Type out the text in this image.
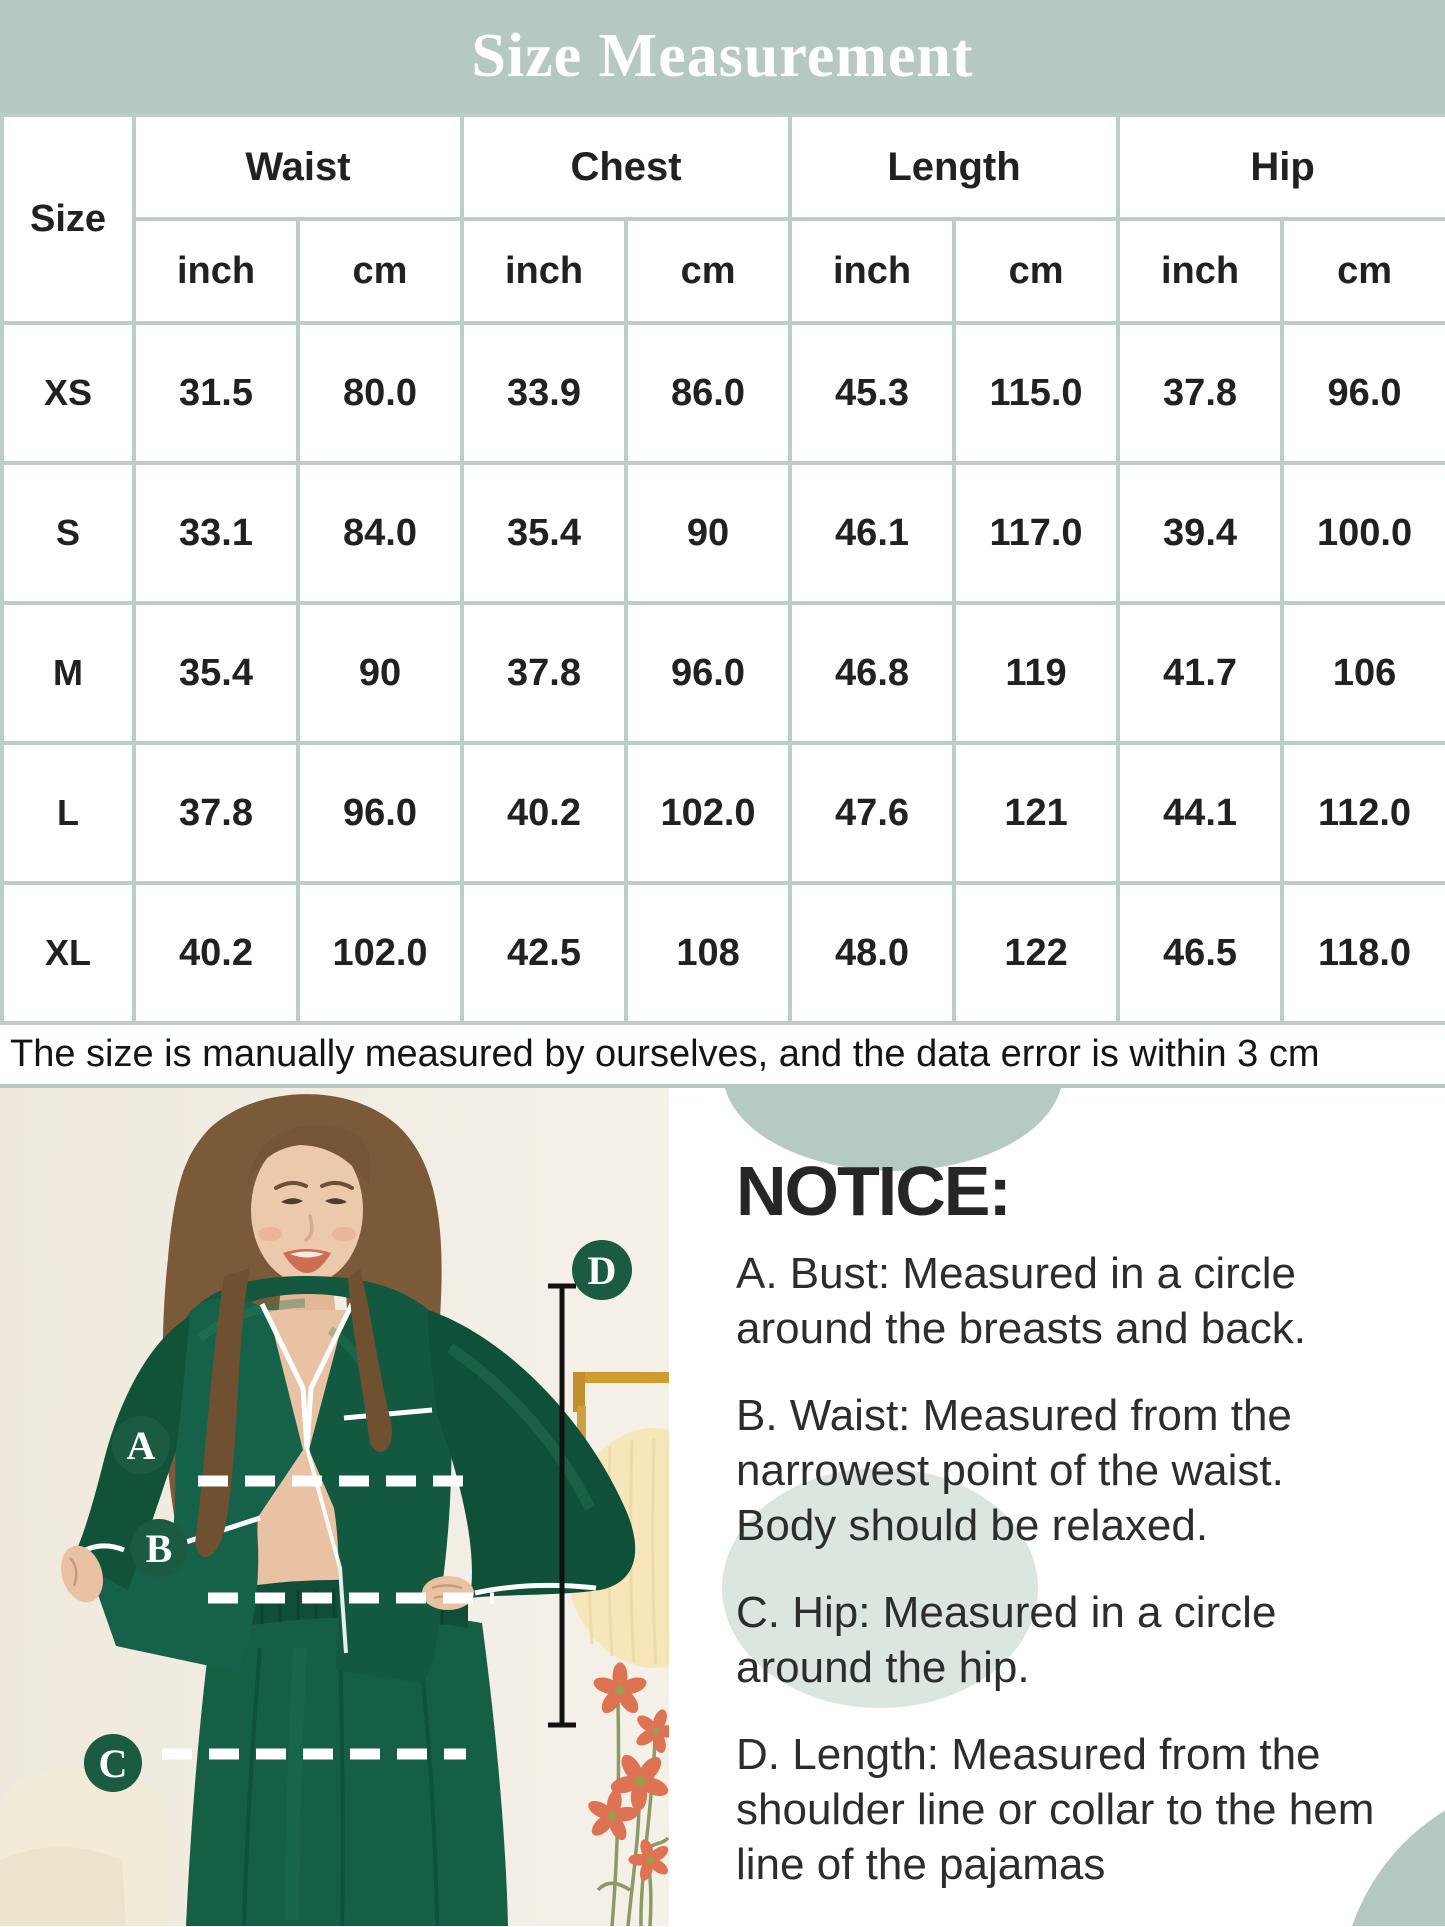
Size Measurement
Size	Waist		Chest		Length		Hip	
	inch	cm	inch	cm	inch	cm	inch	cm
XS	31.5	80.0	33.9	86.0	45.3	115.0	37.8	96.0
S	33.1	84.0	35.4	90	46.1	117.0	39.4	100.0
M	35.4	90	37.8	96.0	46.8	119	41.7	106
L	37.8	96.0	40.2	102.0	47.6	121	44.1	112.0
XL	40.2	102.0	42.5	108	48.0	122	46.5	118.0
The size is manually measured by ourselves, and the data error is within 3 cm
A
B
C
D
NOTICE:
A. Bust: Measured in a circle
around the breasts and back.
B. Waist: Measured from the
narrowest point of the waist.
Body should be relaxed.
C. Hip: Measured in a circle
around the hip.
D. Length: Measured from the
shoulder line or collar to the hem
line of the pajamas
